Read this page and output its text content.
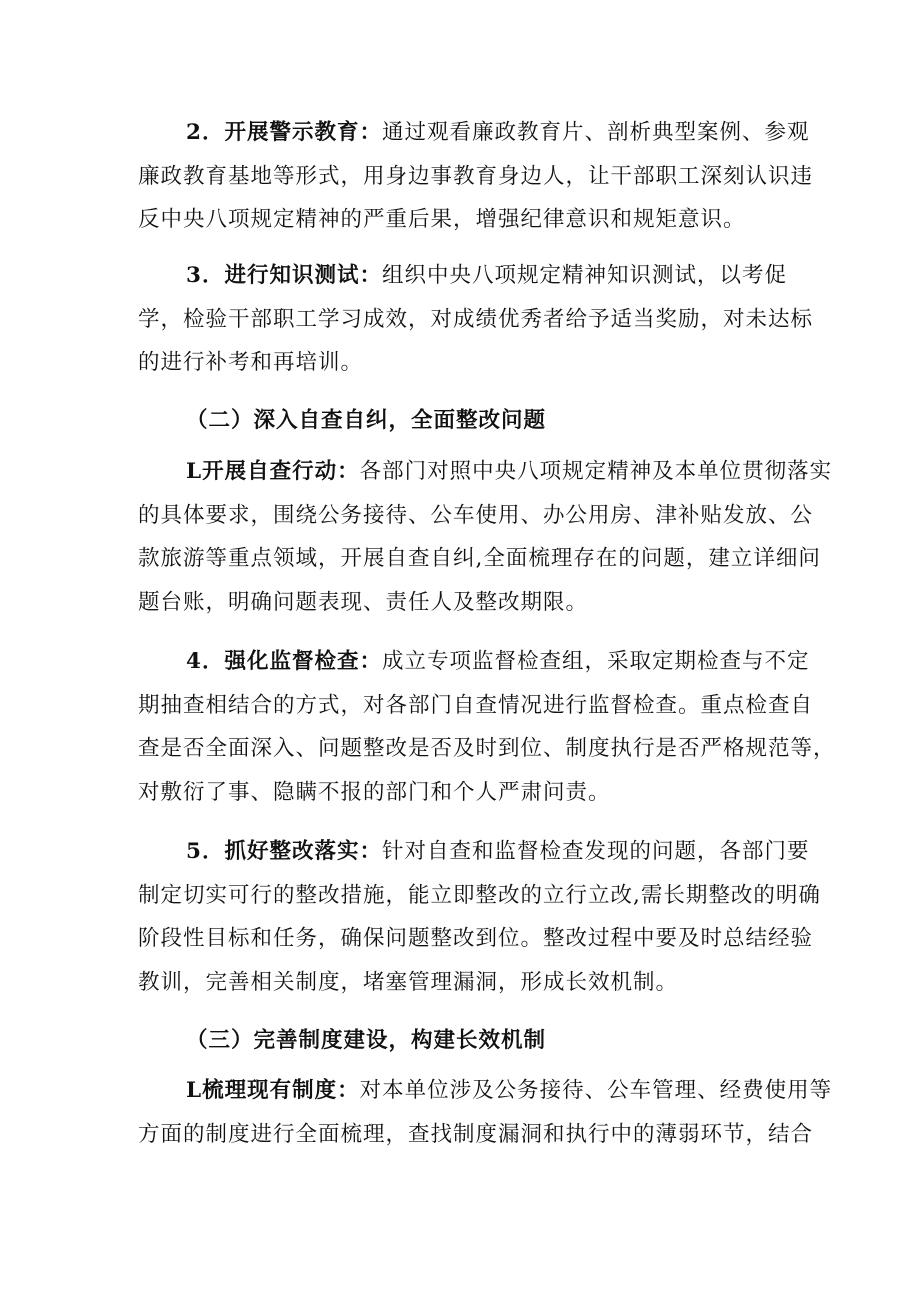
2．开展警示教育：通过观看廉政教育片、剖析典型案例、参观
廉政教育基地等形式，用身边事教育身边人，让干部职工深刻认识违
反中央八项规定精神的严重后果，增强纪律意识和规矩意识。

3．进行知识测试：组织中央八项规定精神知识测试，以考促
学，检验干部职工学习成效，对成绩优秀者给予适当奖励，对未达标
的进行补考和再培训。

（二）深入自查自纠，全面整改问题

L开展自查行动：各部门对照中央八项规定精神及本单位贯彻落实
的具体要求，围绕公务接待、公车使用、办公用房、津补贴发放、公
款旅游等重点领域，开展自查自纠,全面梳理存在的问题，建立详细问
题台账，明确问题表现、责任人及整改期限。

4．强化监督检查：成立专项监督检查组，采取定期检查与不定
期抽查相结合的方式，对各部门自查情况进行监督检查。重点检查自
查是否全面深入、问题整改是否及时到位、制度执行是否严格规范等，
对敷衍了事、隐瞒不报的部门和个人严肃问责。

5．抓好整改落实：针对自查和监督检查发现的问题，各部门要
制定切实可行的整改措施，能立即整改的立行立改,需长期整改的明确
阶段性目标和任务，确保问题整改到位。整改过程中要及时总结经验
教训，完善相关制度，堵塞管理漏洞，形成长效机制。

（三）完善制度建设，构建长效机制

L梳理现有制度：对本单位涉及公务接待、公车管理、经费使用等
方面的制度进行全面梳理，查找制度漏洞和执行中的薄弱环节，结合
